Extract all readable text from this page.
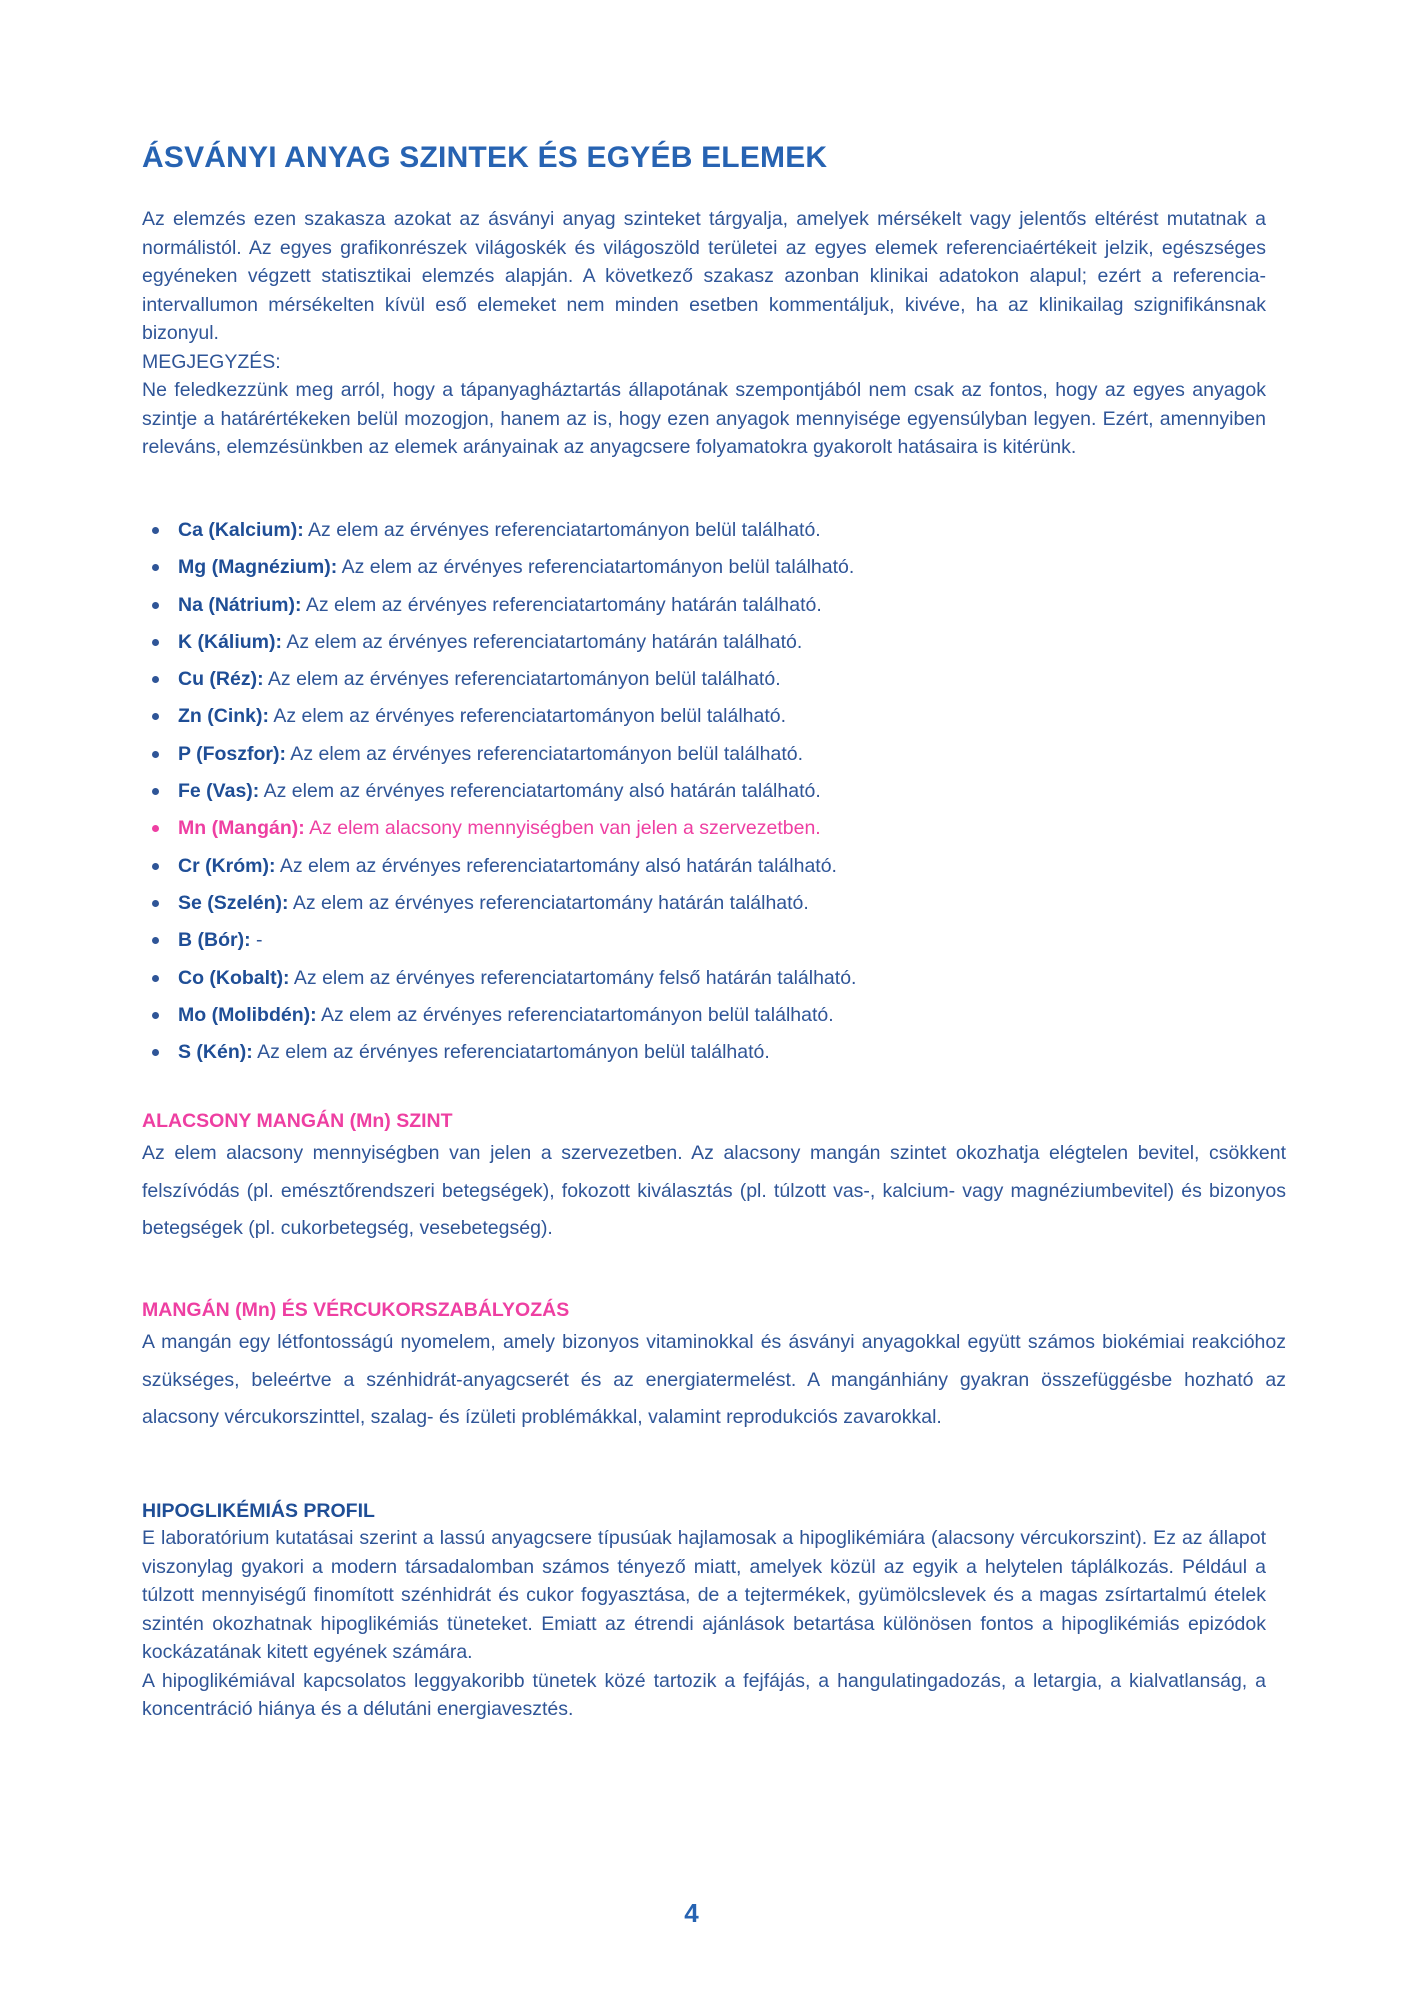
ÁSVÁNYI ANYAG SZINTEK ÉS EGYÉB ELEMEK

Az elemzés ezen szakasza azokat az ásványi anyag szinteket tárgyalja, amelyek mérsékelt vagy jelentős eltérést mutatnak a normálistól. Az egyes grafikonrészek világoskék és világoszöld területei az egyes elemek referenciaértékeit jelzik, egészséges egyéneken végzett statisztikai elemzés alapján. A következő szakasz azonban klinikai adatokon alapul; ezért a referencia-intervallumon mérsékelten kívül eső elemeket nem minden esetben kommentáljuk, kivéve, ha az klinikailag szignifikánsnak bizonyul.

MEGJEGYZÉS:

Ne feledkezzünk meg arról, hogy a tápanyagháztartás állapotának szempontjából nem csak az fontos, hogy az egyes anyagok szintje a határértékeken belül mozogjon, hanem az is, hogy ezen anyagok mennyisége egyensúlyban legyen. Ezért, amennyiben releváns, elemzésünkben az elemek arányainak az anyagcsere folyamatokra gyakorolt hatásaira is kitérünk.

Ca (Kalcium): Az elem az érvényes referenciatartományon belül található.
Mg (Magnézium): Az elem az érvényes referenciatartományon belül található.
Na (Nátrium): Az elem az érvényes referenciatartomány határán található.
K (Kálium): Az elem az érvényes referenciatartomány határán található.
Cu (Réz): Az elem az érvényes referenciatartományon belül található.
Zn (Cink): Az elem az érvényes referenciatartományon belül található.
P (Foszfor): Az elem az érvényes referenciatartományon belül található.
Fe (Vas): Az elem az érvényes referenciatartomány alsó határán található.
Mn (Mangán): Az elem alacsony mennyiségben van jelen a szervezetben.
Cr (Króm): Az elem az érvényes referenciatartomány alsó határán található.
Se (Szelén): Az elem az érvényes referenciatartomány határán található.
B (Bór): -
Co (Kobalt): Az elem az érvényes referenciatartomány felső határán található.
Mo (Molibdén): Az elem az érvényes referenciatartományon belül található.
S (Kén): Az elem az érvényes referenciatartományon belül található.
ALACSONY MANGÁN (Mn) SZINT

Az elem alacsony mennyiségben van jelen a szervezetben. Az alacsony mangán szintet okozhatja elégtelen bevitel, csökkent felszívódás (pl. emésztőrendszeri betegségek), fokozott kiválasztás (pl. túlzott vas-, kalcium- vagy magnéziumbevitel) és bizonyos betegségek (pl. cukorbetegség, vesebetegség).

MANGÁN (Mn) ÉS VÉRCUKORSZABÁLYOZÁS

A mangán egy létfontosságú nyomelem, amely bizonyos vitaminokkal és ásványi anyagokkal együtt számos biokémiai reakcióhoz szükséges, beleértve a szénhidrát-anyagcserét és az energiatermelést. A mangánhiány gyakran összefüggésbe hozható az alacsony vércukorszinttel, szalag- és ízületi problémákkal, valamint reprodukciós zavarokkal.

HIPOGLIKÉMIÁS PROFIL

E laboratórium kutatásai szerint a lassú anyagcsere típusúak hajlamosak a hipoglikémiára (alacsony vércukorszint). Ez az állapot viszonylag gyakori a modern társadalomban számos tényező miatt, amelyek közül az egyik a helytelen táplálkozás. Például a túlzott mennyiségű finomított szénhidrát és cukor fogyasztása, de a tejtermékek, gyümölcslevek és a magas zsírtartalmú ételek szintén okozhatnak hipoglikémiás tüneteket. Emiatt az étrendi ajánlások betartása különösen fontos a hipoglikémiás epizódok kockázatának kitett egyének számára.

A hipoglikémiával kapcsolatos leggyakoribb tünetek közé tartozik a fejfájás, a hangulatingadozás, a letargia, a kialvatlanság, a koncentráció hiánya és a délutáni energiavesztés.

4
